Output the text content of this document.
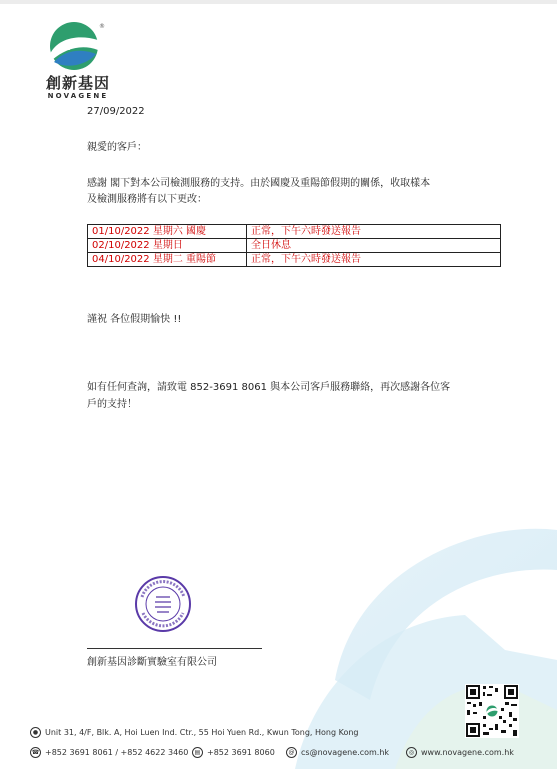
®
創新基因
NOVAGENE
27/09/2022
親愛的客戶：
感謝 閣下對本公司檢測服務的支持。由於國慶及重陽節假期的關係，收取樣本
及檢測服務將有以下更改：
01/10/2022 星期六 國慶	正常，下午六時發送報告
02/10/2022 星期日	全日休息
04/10/2022 星期二 重陽節	正常，下午六時發送報告
謹祝 各位假期愉快 !!
如有任何查詢，請致電 852-3691 8061 與本公司客戶服務聯絡，再次感謝各位客
戶的支持！
創新基因診斷實驗室有限公司
● Unit 31, 4/F, Blk. A, Hoi Luen Ind. Ctr., 55 Hoi Yuen Rd., Kwun Tong, Hong Kong
☎ +852 3691 8061 / +852 4622 3460	▤ +852 3691 8060	@ cs@novagene.com.hk	◎ www.novagene.com.hk
